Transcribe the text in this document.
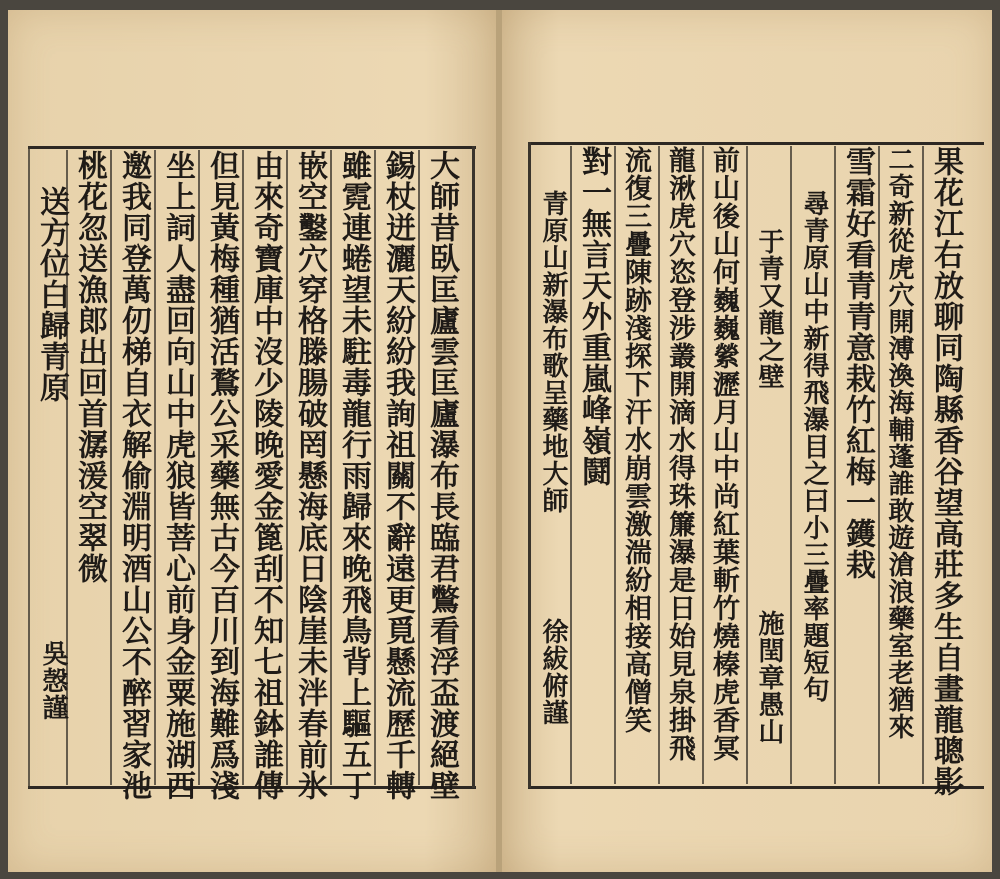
大師昔臥匡廬雲匡廬瀑布長臨君鷩看浮盃渡絕壁
錫杖迸灑天紛紛我詢祖關不辭遠更覓懸流歷千轉
雖霓連蜷望未駐毒龍行雨歸來晚飛鳥背上驅五丁
嵌空鑿穴穿格滕腸破罔懸海底日陰崖未泮春前氷
由來奇寶庫中沒少陵晚愛金篦刮不知七祖鉢誰傳
但見黃梅種猶活鶩公采藥無古今百川到海難爲淺
坐上詞人盡回向山中虎狼皆菩心前身金粟施湖西
邀我同登萬仞梯自衣解偷淵明酒山公不醉習家池
桃花忽送漁郎出回首潺湲空翠微
送方位白歸青原
吳愨謹	果花江右放聊同陶縣香谷望高莊多生自畫龍聰影
二奇新從虎穴開溥渙海輔蓬誰敢遊滄浪藥室老猶來
雪霜好看青青意栽竹紅梅一鑊栽
尋青原山中新得飛瀑目之曰小三疊率題短句
施閏章愚山
于青又龍之壁
前山後山何巍巍縈瀝月山中尚紅葉斬竹燒榛虎香冥
龍湫虎穴恣登涉叢開滴水得珠簾瀑是日始見泉掛飛
流復三疊陳跡淺探下汗水崩雲激湍紛相接高僧笑
對一無言天外重嵐峰嶺鬪
青原山新瀑布歌呈藥地大師
徐紱俯謹
